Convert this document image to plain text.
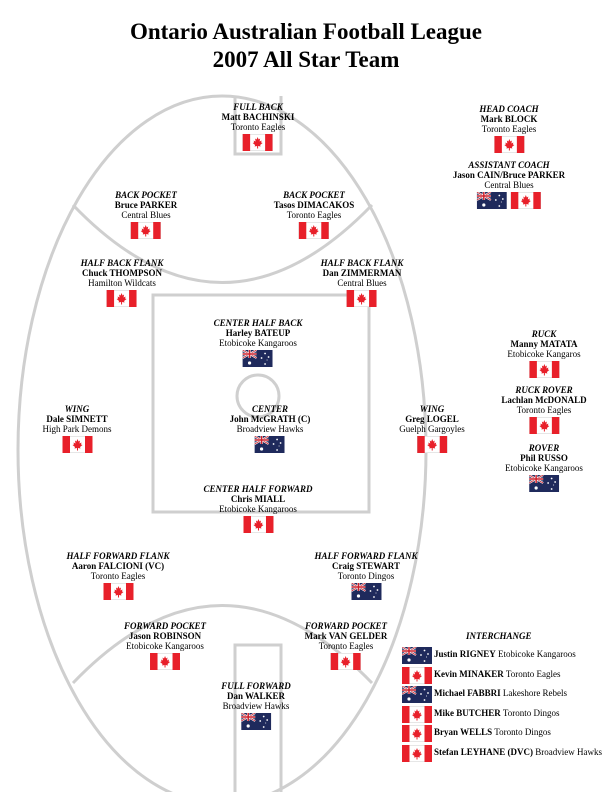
Ontario Australian Football League
2007 All Star Team
FULL BACK
Matt BACHINSKI
Toronto Eagles
HEAD COACH
Mark BLOCK
Toronto Eagles
ASSISTANT COACH
Jason CAIN/Bruce PARKER
Central Blues
BACK POCKET
Bruce PARKER
Central Blues
BACK POCKET
Tasos DIMACAKOS
Toronto Eagles
HALF BACK FLANK
Chuck THOMPSON
Hamilton Wildcats
HALF BACK FLANK
Dan ZIMMERMAN
Central Blues
CENTER HALF BACK
Harley BATEUP
Etobicoke Kangaroos
RUCK
Manny MATATA
Etobicoke Kangaros
RUCK ROVER
Lachlan McDONALD
Toronto Eagles
WING
Dale SIMNETT
High Park Demons
CENTER
John McGRATH (C)
Broadview Hawks
WING
Greg LOGEL
Guelph Gargoyles
ROVER
Phil RUSSO
Etobicoke Kangaroos
CENTER HALF FORWARD
Chris MIALL
Etobicoke Kangaroos
HALF FORWARD FLANK
Aaron FALCIONI (VC)
Toronto Eagles
HALF FORWARD FLANK
Craig STEWART
Toronto Dingos
FORWARD POCKET
Jason ROBINSON
Etobicoke Kangaroos
FORWARD POCKET
Mark VAN GELDER
Toronto Eagles
FULL FORWARD
Dan WALKER
Broadview Hawks
INTERCHANGE
Justin RIGNEY Etobicoke Kangaroos
Kevin MINAKER Toronto Eagles
Michael FABBRI Lakeshore Rebels
Mike BUTCHER Toronto Dingos
Bryan WELLS Toronto Dingos
Stefan LEYHANE (DVC) Broadview Hawks
